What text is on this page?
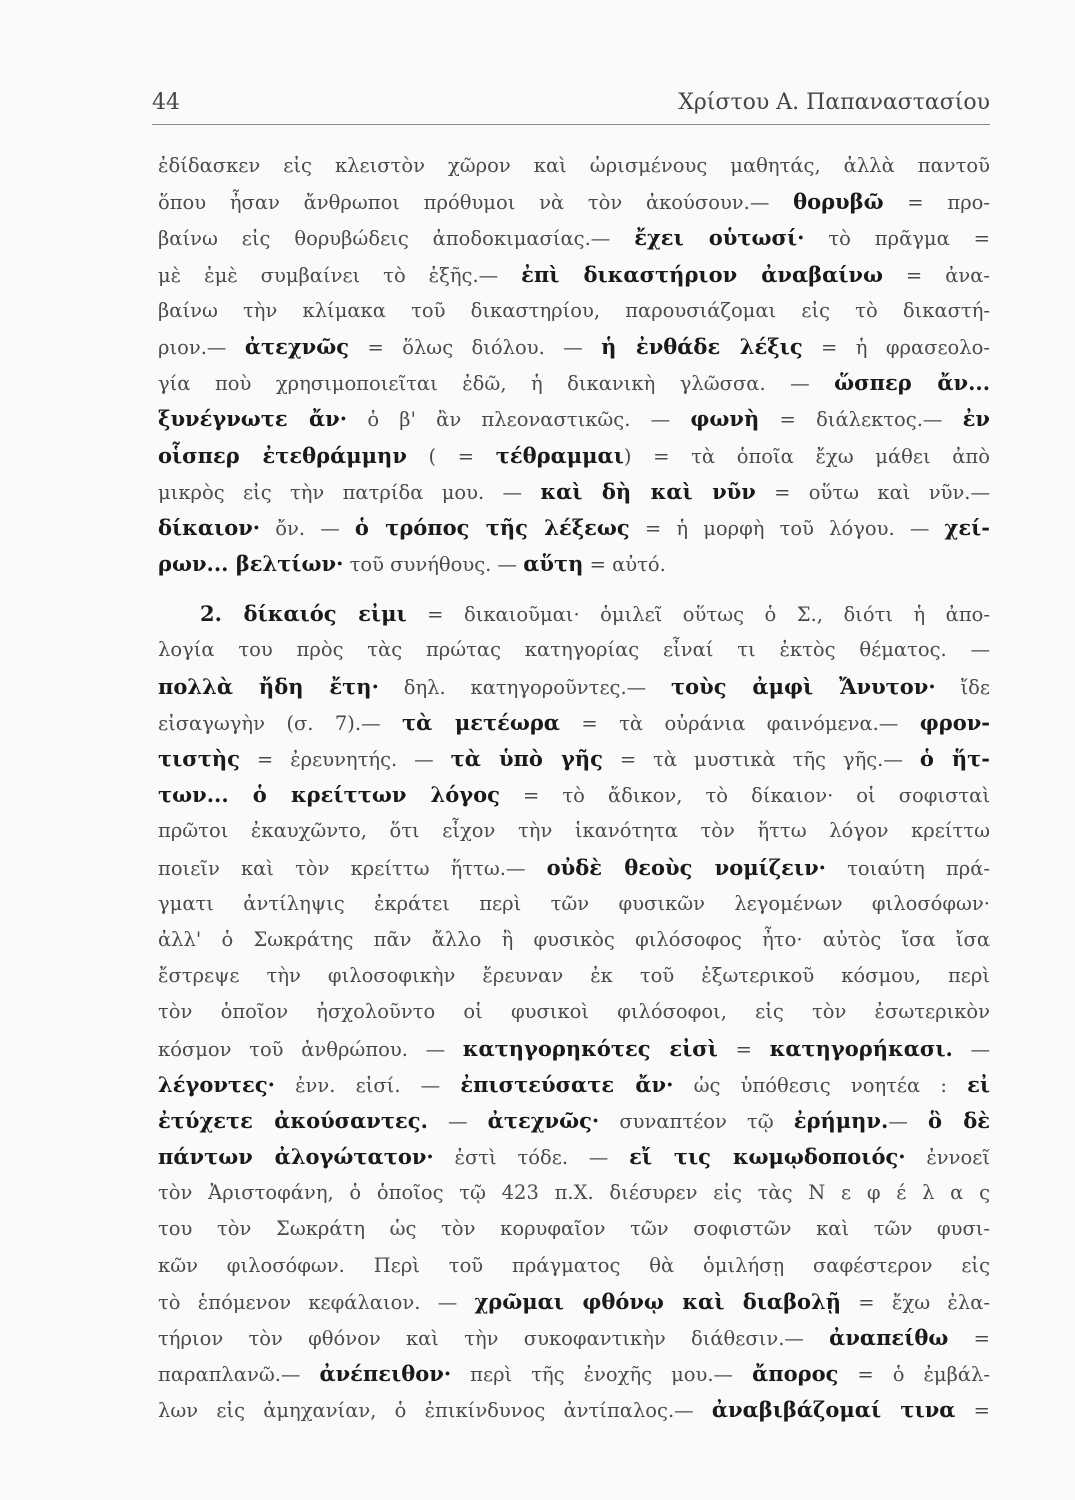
44	Χρίστου Α. Παπαναστασίου
ἐδίδασκεν εἰς κλειστὸν χῶρον καὶ ὡρισμένους μαθητάς, ἀλλὰ παντοῦ
ὅπου ἦσαν ἄνθρωποι πρόθυμοι νὰ τὸν ἀκούσουν.— θορυβῶ = προ-
βαίνω εἰς θορυβώδεις ἀποδοκιμασίας.— ἔχει οὑτωσί· τὸ πρᾶγμα =
μὲ ἐμὲ συμβαίνει τὸ ἑξῆς.— ἐπὶ δικαστήριον ἀναβαίνω = ἀνα-
βαίνω τὴν κλίμακα τοῦ δικαστηρίου, παρουσιάζομαι εἰς τὸ δικαστή-
ριον.— ἀτεχνῶς = ὅλως διόλου. — ἡ ἐνθάδε λέξις = ἡ φρασεολο-
γία ποὺ χρησιμοποιεῖται ἐδῶ, ἡ δικανικὴ γλῶσσα. — ὥσπερ ἄν...
ξυνέγνωτε ἄν· ὁ β' ἂν πλεοναστικῶς. — φωνὴ = διάλεκτος.— ἐν
οἷσπερ ἐτεθράμμην ( = τέθραμμαι) = τὰ ὁποῖα ἔχω μάθει ἀπὸ
μικρὸς εἰς τὴν πατρίδα μου. — καὶ δὴ καὶ νῦν = οὕτω καὶ νῦν.—
δίκαιον· ὄν. — ὁ τρόπος τῆς λέξεως = ἡ μορφὴ τοῦ λόγου. — χεί-
ρων... βελτίων· τοῦ συνήθους. — αὕτη = αὐτό.
2. δίκαιός εἰμι = δικαιοῦμαι· ὁμιλεῖ οὕτως ὁ Σ., διότι ἡ ἀπο-
λογία του πρὸς τὰς πρώτας κατηγορίας εἶναί τι ἐκτὸς θέματος. —
πολλὰ ἤδη ἔτη· δηλ. κατηγοροῦντες.— τοὺς ἀμφὶ Ἄνυτον· ἴδε
εἰσαγωγὴν (σ. 7).— τὰ μετέωρα = τὰ οὐράνια φαινόμενα.— φρον-
τιστὴς = ἐρευνητής. — τὰ ὑπὸ γῆς = τὰ μυστικὰ τῆς γῆς.— ὁ ἥτ-
των... ὁ κρείττων λόγος = τὸ ἄδικον, τὸ δίκαιον· οἱ σοφισταὶ
πρῶτοι ἐκαυχῶντο, ὅτι εἶχον τὴν ἱκανότητα τὸν ἥττω λόγον κρείττω
ποιεῖν καὶ τὸν κρείττω ἥττω.— οὐδὲ θεοὺς νομίζειν· τοιαύτη πρά-
γματι ἀντίληψις ἐκράτει περὶ τῶν φυσικῶν λεγομένων φιλοσόφων·
ἀλλ' ὁ Σωκράτης πᾶν ἄλλο ἢ φυσικὸς φιλόσοφος ἦτο· αὐτὸς ἴσα ἴσα
ἔστρεψε τὴν φιλοσοφικὴν ἔρευναν ἐκ τοῦ ἐξωτερικοῦ κόσμου, περὶ
τὸν ὁποῖον ἠσχολοῦντο οἱ φυσικοὶ φιλόσοφοι, εἰς τὸν ἐσωτερικὸν
κόσμον τοῦ ἀνθρώπου. — κατηγορηκότες εἰσὶ = κατηγορήκασι. —
λέγοντες· ἐνν. εἰσί. — ἐπιστεύσατε ἄν· ὡς ὑπόθεσις νοητέα : εἰ
ἐτύχετε ἀκούσαντες. — ἀτεχνῶς· συναπτέον τῷ ἐρήμην.— ὃ δὲ
πάντων ἀλογώτατον· ἐστὶ τόδε. — εἴ τις κωμῳδοποιός· ἐννοεῖ
τὸν Ἀριστοφάνη, ὁ ὁποῖος τῷ 423 π.Χ. διέσυρεν εἰς τὰς Ν ε φ έ λ α ς
του τὸν Σωκράτη ὡς τὸν κορυφαῖον τῶν σοφιστῶν καὶ τῶν φυσι-
κῶν φιλοσόφων. Περὶ τοῦ πράγματος θὰ ὁμιλήσῃ σαφέστερον εἰς
τὸ ἑπόμενον κεφάλαιον. — χρῶμαι φθόνῳ καὶ διαβολῇ = ἔχω ἐλα-
τήριον τὸν φθόνον καὶ τὴν συκοφαντικὴν διάθεσιν.— ἀναπείθω =
παραπλανῶ.— ἀνέπειθον· περὶ τῆς ἐνοχῆς μου.— ἄπορος = ὁ ἐμβάλ-
λων εἰς ἀμηχανίαν, ὁ ἐπικίνδυνος ἀντίπαλος.— ἀναβιβάζομαί τινα =
